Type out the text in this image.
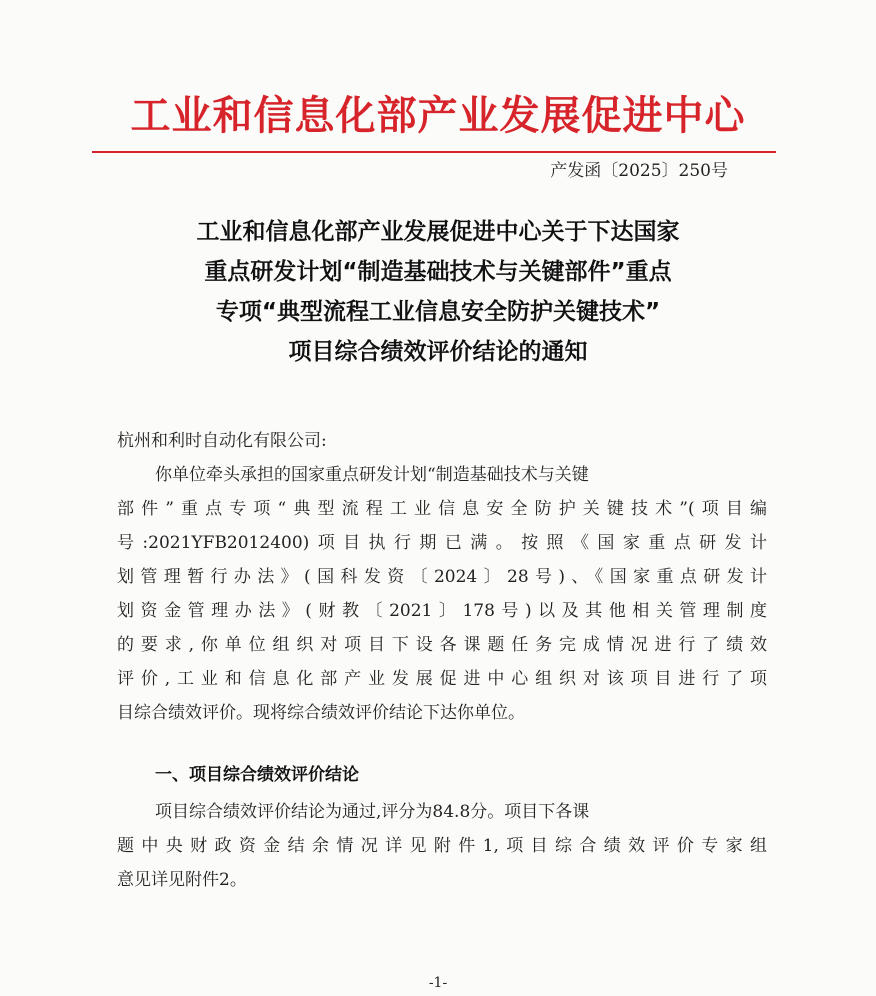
工业和信息化部产业发展促进中心
产发函〔2025〕250号
工业和信息化部产业发展促进中心关于下达国家
重点研发计划“制造基础技术与关键部件”重点
专项“典型流程工业信息安全防护关键技术”
项目综合绩效评价结论的通知
杭州和利时自动化有限公司:
你单位牵头承担的国家重点研发计划“制造基础技术与关键
部件”重点专项“典型流程工业信息安全防护关键技术”(项目编
号:2021YFB2012400)项目执行期已满。按照《国家重点研发计
划管理暂行办法》(国科发资〔2024〕28号)、《国家重点研发计
划资金管理办法》(财教〔2021〕178号)以及其他相关管理制度
的要求,你单位组织对项目下设各课题任务完成情况进行了绩效
评价,工业和信息化部产业发展促进中心组织对该项目进行了项
目综合绩效评价。现将综合绩效评价结论下达你单位。
一、项目综合绩效评价结论
项目综合绩效评价结论为通过,评分为84.8分。项目下各课
题中央财政资金结余情况详见附件1,项目综合绩效评价专家组
意见详见附件2。
-1-
